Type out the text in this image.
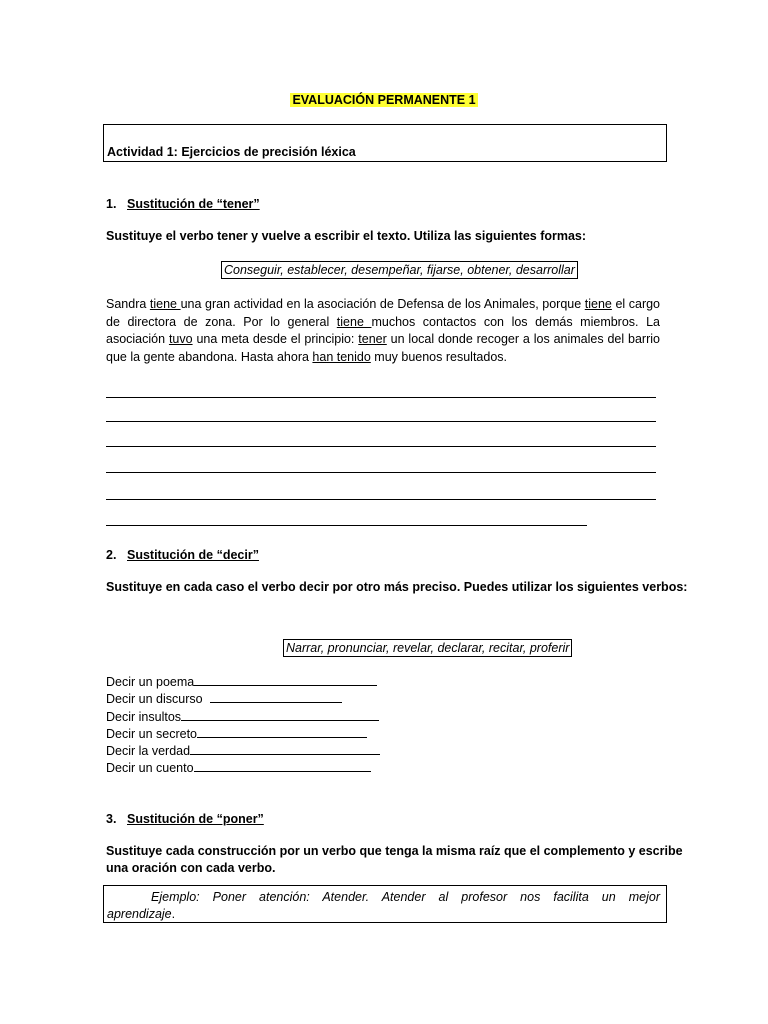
EVALUACIÓN PERMANENTE 1
Actividad 1: Ejercicios de precisión léxica
1. Sustitución de “tener”
Sustituye el verbo tener y vuelve a escribir el texto. Utiliza las siguientes formas:
Conseguir, establecer, desempeñar, fijarse, obtener, desarrollar
Sandra tiene una gran actividad en la asociación de Defensa de los Animales, porque tiene el cargo
de directora de zona. Por lo general tiene muchos contactos con los demás miembros. La
asociación tuvo una meta desde el principio: tener un local donde recoger a los animales del barrio
que la gente abandona. Hasta ahora han tenido muy buenos resultados.
2. Sustitución de “decir”
Sustituye en cada caso el verbo decir por otro más preciso. Puedes utilizar los siguientes verbos:
Narrar, pronunciar, revelar, declarar, recitar, proferir
Decir un poema
Decir un discurso
Decir insultos
Decir un secreto
Decir la verdad
Decir un cuento
3. Sustitución de “poner”
Sustituye cada construcción por un verbo que tenga la misma raíz que el complemento y escribe
una oración con cada verbo.
Ejemplo: Poner atención: Atender. Atender al profesor nos facilita un mejor
aprendizaje.
